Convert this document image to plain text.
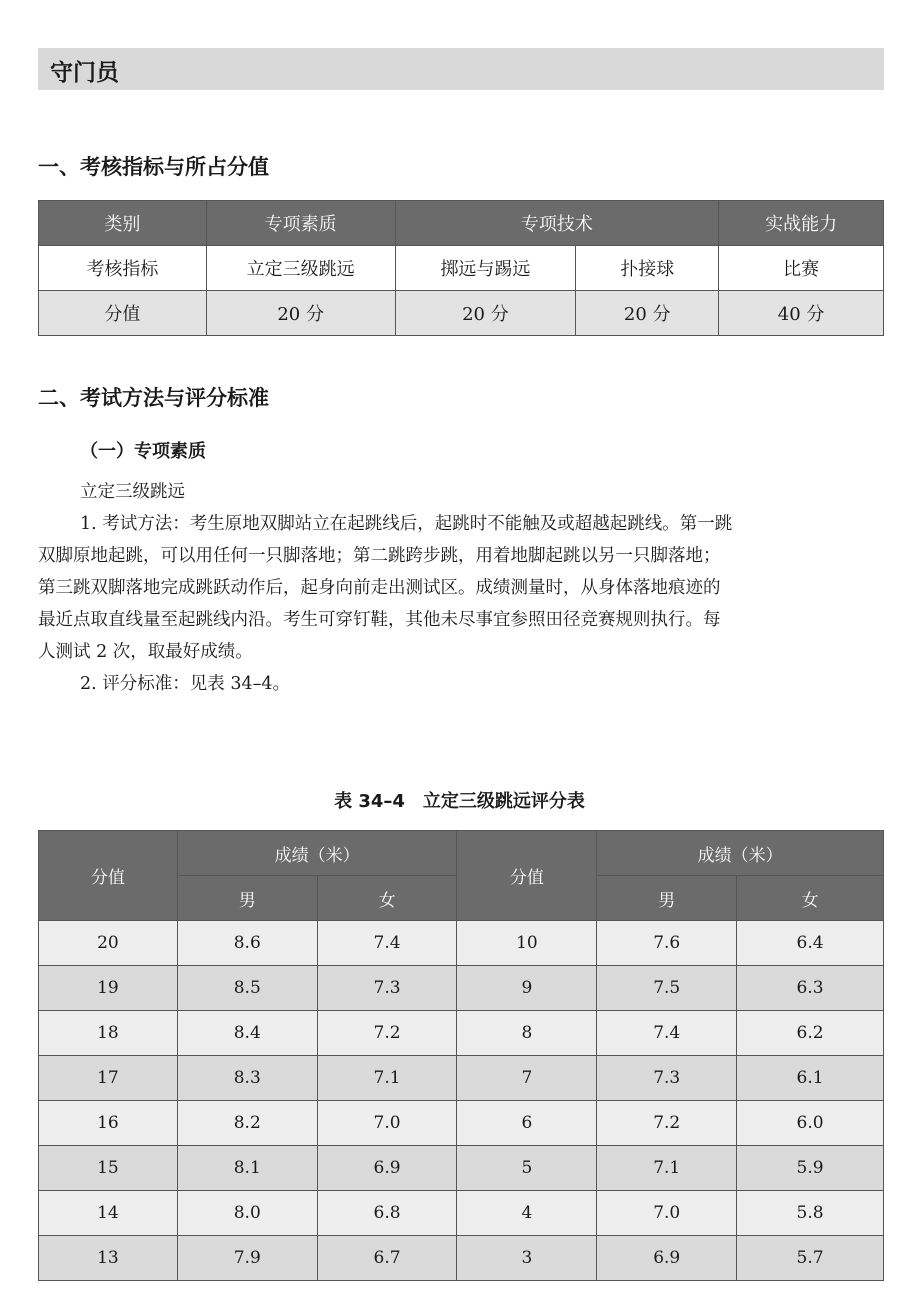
守门员
一、考核指标与所占分值
类别	专项素质	专项技术		实战能力
考核指标	立定三级跳远	掷远与踢远	扑接球	比赛
分值	20 分	20 分	20 分	40 分
二、考试方法与评分标准

（一）专项素质

立定三级跳远

1. 考试方法：考生原地双脚站立在起跳线后，起跳时不能触及或超越起跳线。第一跳

双脚原地起跳，可以用任何一只脚落地；第二跳跨步跳，用着地脚起跳以另一只脚落地；

第三跳双脚落地完成跳跃动作后，起身向前走出测试区。成绩测量时，从身体落地痕迹的

最近点取直线量至起跳线内沿。考生可穿钉鞋，其他未尽事宜参照田径竞赛规则执行。每

人测试 2 次，取最好成绩。

2. 评分标准：见表 34–4。

表 34–4　立定三级跳远评分表
分值	成绩（米）		分值	成绩（米）	
	男	女		男	女
20	8.6	7.4	10	7.6	6.4
19	8.5	7.3	9	7.5	6.3
18	8.4	7.2	8	7.4	6.2
17	8.3	7.1	7	7.3	6.1
16	8.2	7.0	6	7.2	6.0
15	8.1	6.9	5	7.1	5.9
14	8.0	6.8	4	7.0	5.8
13	7.9	6.7	3	6.9	5.7
